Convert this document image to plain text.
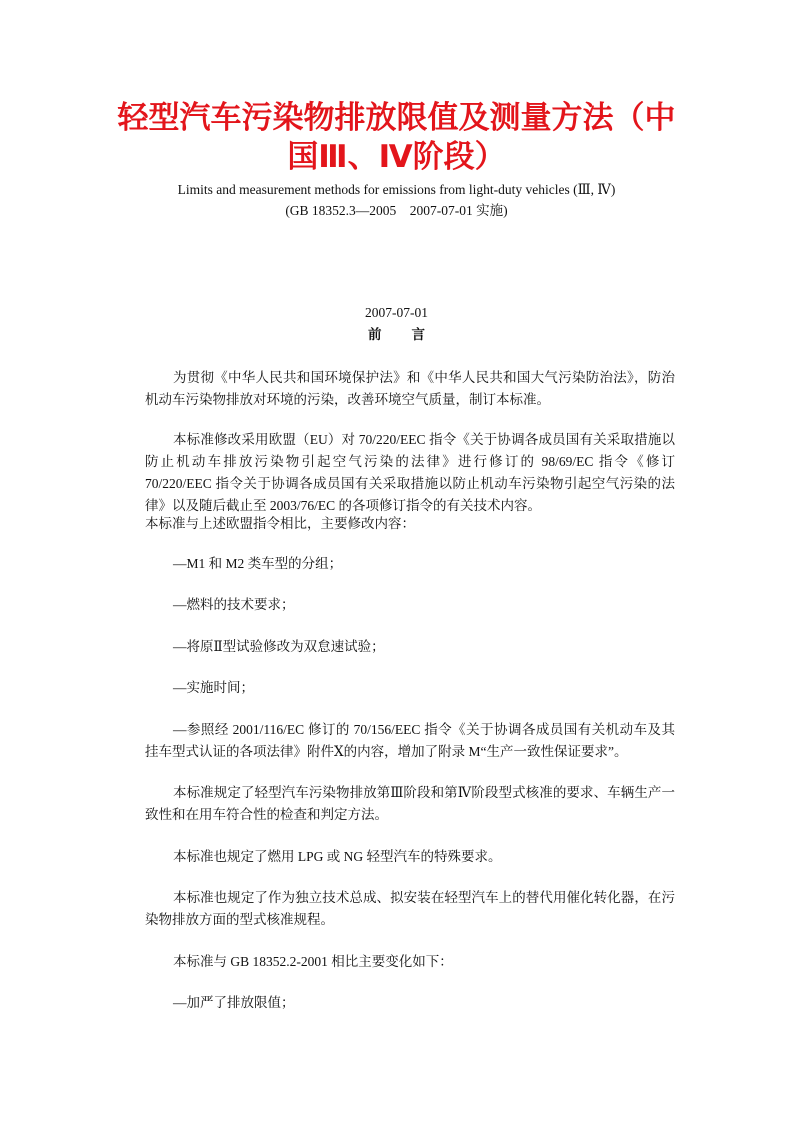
轻型汽车污染物排放限值及测量方法（中
国Ⅲ、Ⅳ阶段）
Limits and measurement methods for emissions from light-duty vehicles (Ⅲ, Ⅳ)
(GB 18352.3—2005　2007-07-01 实施)
2007-07-01
前言

为贯彻《中华人民共和国环境保护法》和《中华人民共和国大气污染防治法》，防治机动车污染物排放对环境的污染，改善环境空气质量，制订本标准。

本标准修改采用欧盟（EU）对 70/220/EEC 指令《关于协调各成员国有关采取措施以防止机动车排放污染物引起空气污染的法律》进行修订的 98/69/EC 指令《修订 70/220/EEC 指令关于协调各成员国有关采取措施以防止机动车污染物引起空气污染的法律》以及随后截止至 2003/76/EC 的各项修订指令的有关技术内容。

本标准与上述欧盟指令相比，主要修改内容：

—M1 和 M2 类车型的分组；

—燃料的技术要求；

—将原Ⅱ型试验修改为双怠速试验；

—实施时间；

—参照经 2001/116/EC 修订的 70/156/EEC 指令《关于协调各成员国有关机动车及其挂车型式认证的各项法律》附件Ⅹ的内容，增加了附录 M“生产一致性保证要求”。

本标准规定了轻型汽车污染物排放第Ⅲ阶段和第Ⅳ阶段型式核准的要求、车辆生产一致性和在用车符合性的检查和判定方法。

本标准也规定了燃用 LPG 或 NG 轻型汽车的特殊要求。

本标准也规定了作为独立技术总成、拟安装在轻型汽车上的替代用催化转化器，在污染物排放方面的型式核准规程。

本标准与 GB 18352.2-2001 相比主要变化如下：

—加严了排放限值；
